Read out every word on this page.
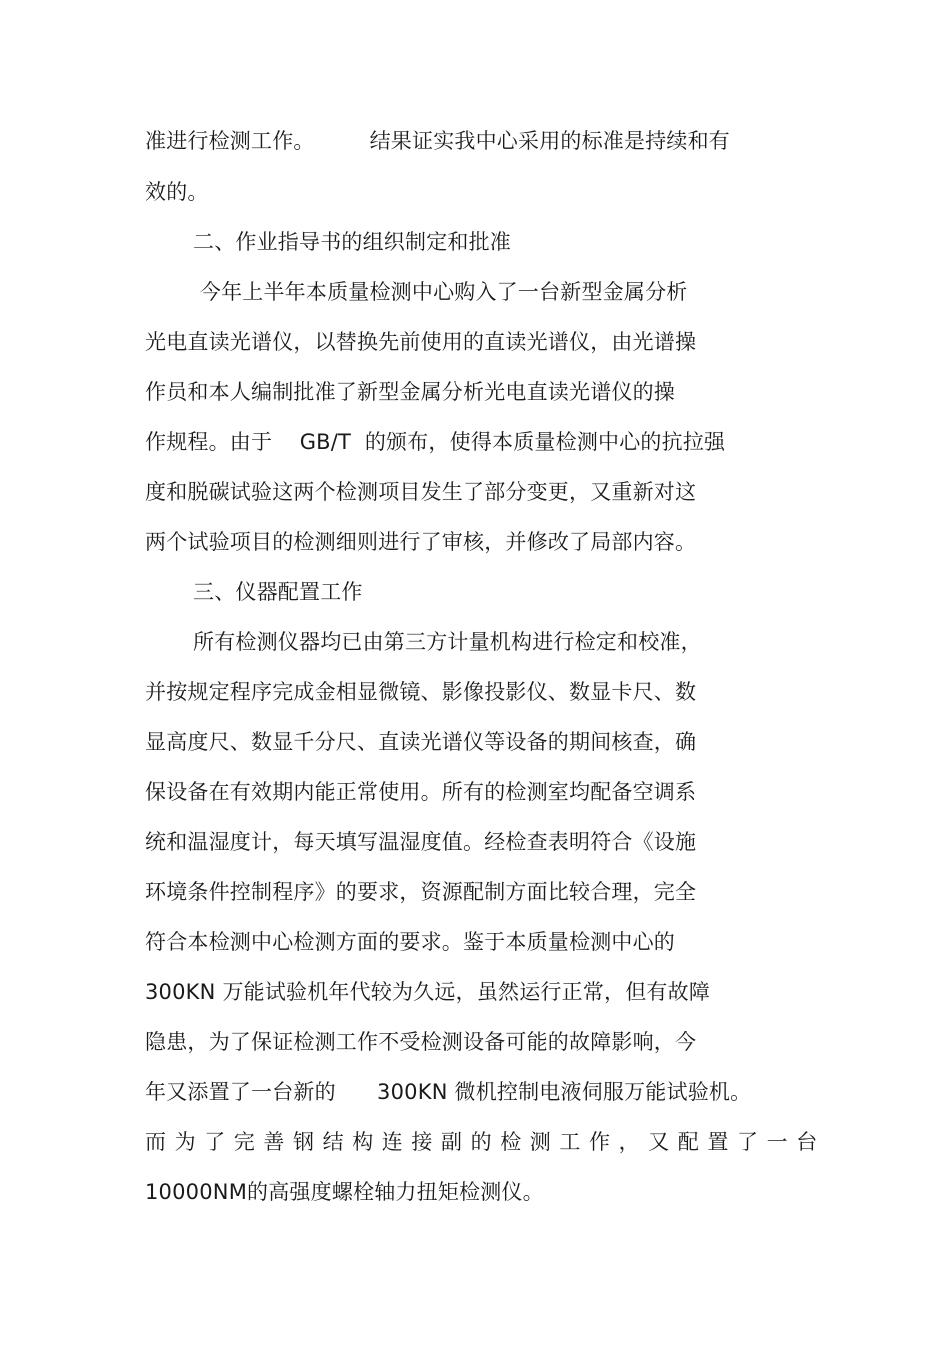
准进行检测工作。        结果证实我中心采用的标准是持续和有
效的。
二、作业指导书的组织制定和批准
今年上半年本质量检测中心购入了一台新型金属分析
光电直读光谱仪，以替换先前使用的直读光谱仪，由光谱操
作员和本人编制批准了新型金属分析光电直读光谱仪的操
作规程。由于    GB/T  的颁布，使得本质量检测中心的抗拉强
度和脱碳试验这两个检测项目发生了部分变更，又重新对这
两个试验项目的检测细则进行了审核，并修改了局部内容。
三、仪器配置工作
所有检测仪器均已由第三方计量机构进行检定和校准，
并按规定程序完成金相显微镜、影像投影仪、数显卡尺、数
显高度尺、数显千分尺、直读光谱仪等设备的期间核查，确
保设备在有效期内能正常使用。所有的检测室均配备空调系
统和温湿度计，每天填写温湿度值。经检查表明符合《设施
环境条件控制程序》的要求，资源配制方面比较合理，完全
符合本检测中心检测方面的要求。鉴于本质量检测中心的
300KN 万能试验机年代较为久远，虽然运行正常，但有故障
隐患，为了保证检测工作不受检测设备可能的故障影响，今
年又添置了一台新的      300KN 微机控制电液伺服万能试验机。
而为了完善钢结构连接副的检测工作，又配置了一台
10000NM的高强度螺栓轴力扭矩检测仪。
